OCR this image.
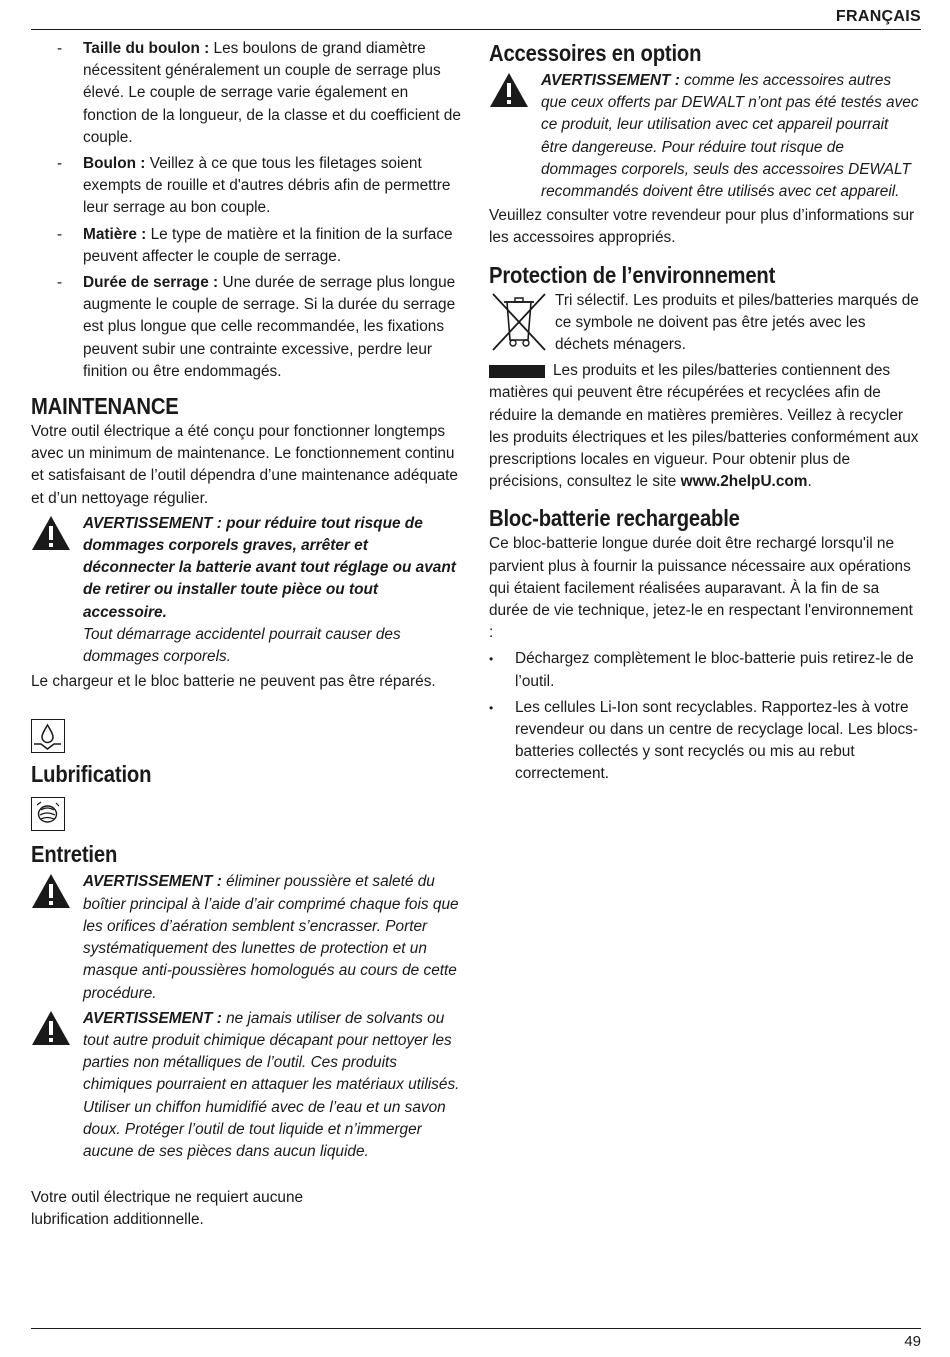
FRANÇAIS
- Taille du boulon : Les boulons de grand diamètre nécessitent généralement un couple de serrage plus élevé. Le couple de serrage varie également en fonction de la longueur, de la classe et du coefficient de couple.
- Boulon : Veillez à ce que tous les filetages soient exempts de rouille et d'autres débris afin de permettre leur serrage au bon couple.
- Matière : Le type de matière et la finition de la surface peuvent affecter le couple de serrage.
- Durée de serrage : Une durée de serrage plus longue augmente le couple de serrage. Si la durée du serrage est plus longue que celle recommandée, les fixations peuvent subir une contrainte excessive, perdre leur finition ou être endommagés.
MAINTENANCE

Votre outil électrique a été conçu pour fonctionner longtemps avec un minimum de maintenance. Le fonctionnement continu et satisfaisant de l’outil dépendra d’une maintenance adéquate et d’un nettoyage régulier.

AVERTISSEMENT : pour réduire tout risque de dommages corporels graves, arrêter et déconnecter la batterie avant tout réglage ou avant de retirer ou installer toute pièce ou tout accessoire.
Tout démarrage accidentel pourrait causer des dommages corporels.

Le chargeur et le bloc batterie ne peuvent pas être réparés.

Lubrification
Entretien
AVERTISSEMENT : éliminer poussière et saleté du boîtier principal à l’aide d’air comprimé chaque fois que les orifices d’aération semblent s’encrasser. Porter systématiquement des lunettes de protection et un masque anti-poussières homologués au cours de cette procédure.
AVERTISSEMENT : ne jamais utiliser de solvants ou tout autre produit chimique décapant pour nettoyer les parties non métalliques de l’outil. Ces produits chimiques pourraient en attaquer les matériaux utilisés. Utiliser un chiffon humidifié avec de l’eau et un savon doux. Protéger l’outil de tout liquide et n’immerger aucune de ses pièces dans aucun liquide.

Votre outil électrique ne requiert aucune lubrification additionnelle.

Accessoires en option
AVERTISSEMENT : comme les accessoires autres que ceux offerts par DEWALT n’ont pas été testés avec ce produit, leur utilisation avec cet appareil pourrait être dangereuse. Pour réduire tout risque de dommages corporels, seuls des accessoires DEWALT recommandés doivent être utilisés avec cet appareil.

Veuillez consulter votre revendeur pour plus d’informations sur les accessoires appropriés.

Protection de l’environnement
Tri sélectif. Les produits et piles/batteries marqués de ce symbole ne doivent pas être jetés avec les déchets ménagers.

Les produits et les piles/batteries contiennent des matières qui peuvent être récupérées et recyclées afin de réduire la demande en matières premières. Veillez à recycler les produits électriques et les piles/batteries conformément aux prescriptions locales en vigueur. Pour obtenir plus de précisions, consultez le site www.2helpU.com.

Bloc-batterie rechargeable

Ce bloc-batterie longue durée doit être rechargé lorsqu'il ne parvient plus à fournir la puissance nécessaire aux opérations qui étaient facilement réalisées auparavant. À la fin de sa durée de vie technique, jetez-le en respectant l'environnement :

• Déchargez complètement le bloc-batterie puis retirez-le de l’outil.
• Les cellules Li-Ion sont recyclables. Rapportez-les à votre revendeur ou dans un centre de recyclage local. Les blocs-batteries collectés y sont recyclés ou mis au rebut correctement.
49
